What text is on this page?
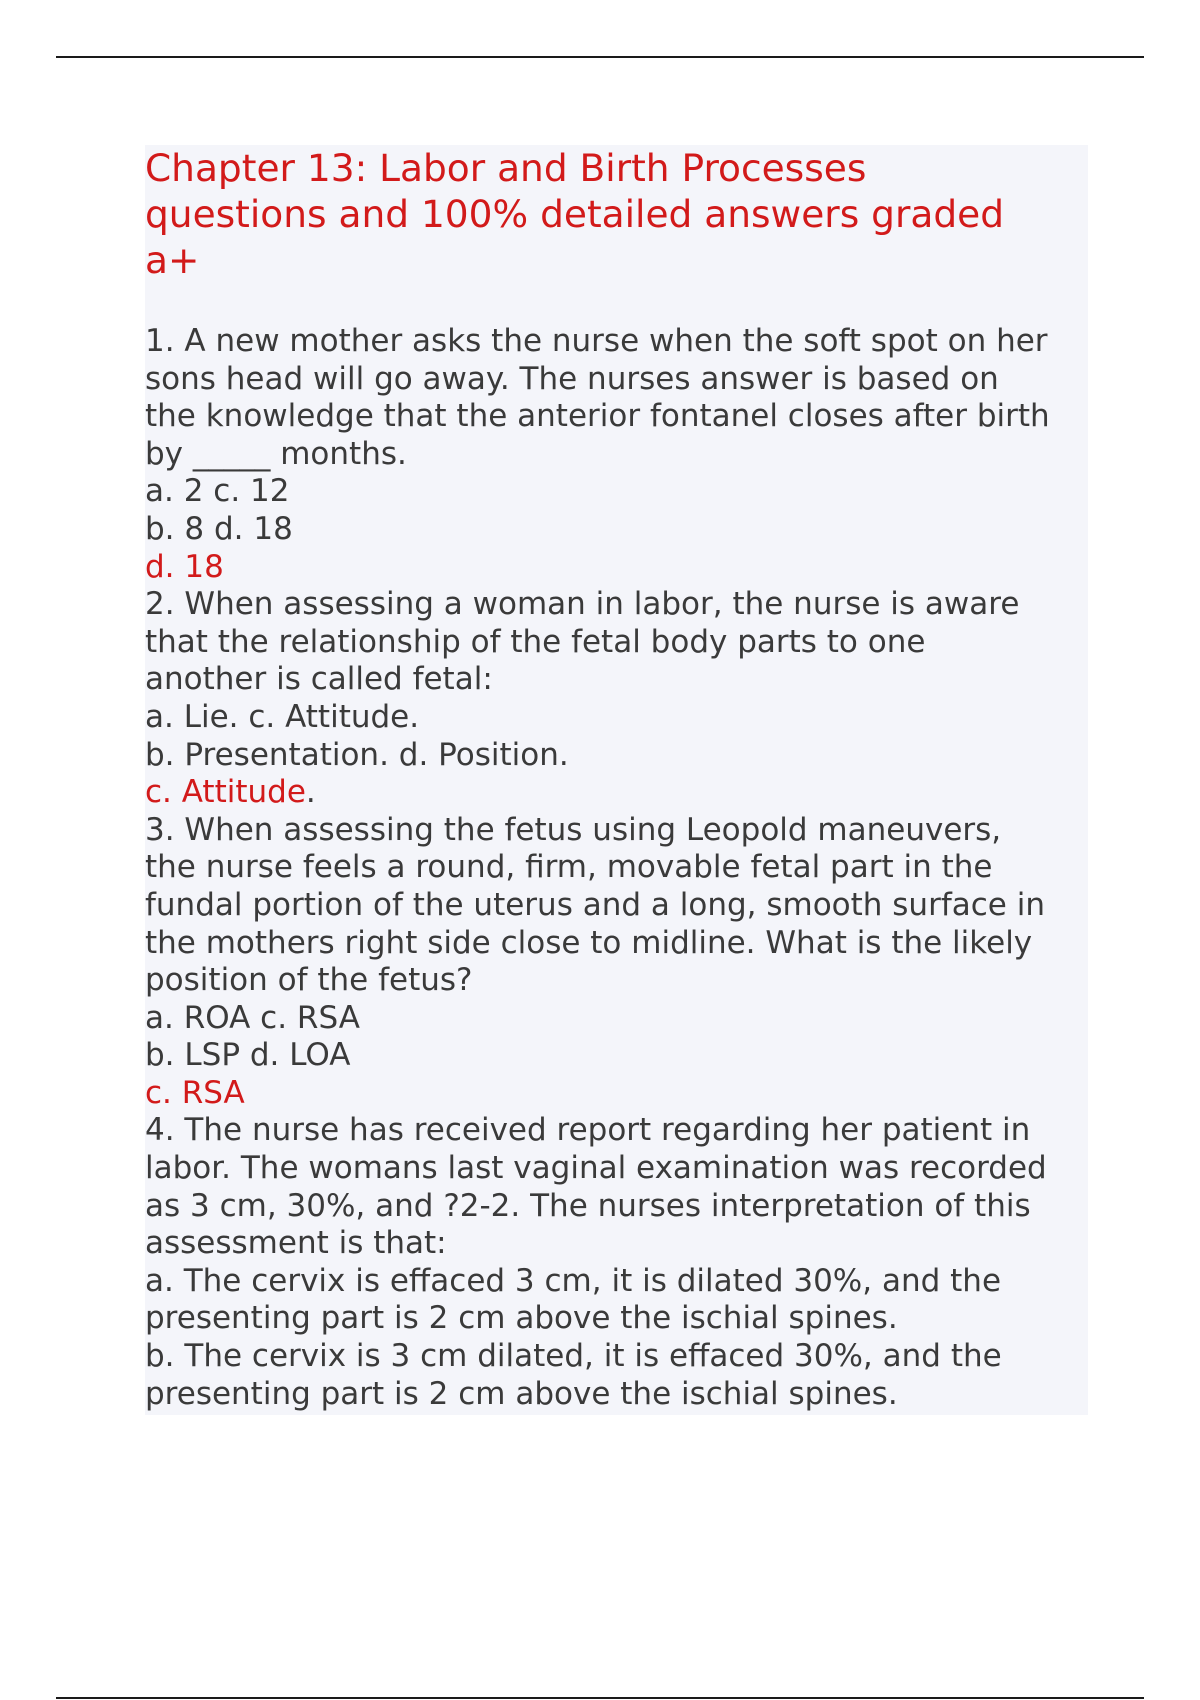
Chapter 13: Labor and Birth Processes
questions and 100% detailed answers graded
a+
1. A new mother asks the nurse when the soft spot on her
sons head will go away. The nurses answer is based on
the knowledge that the anterior fontanel closes after birth
by _____ months.
a. 2 c. 12
b. 8 d. 18
d. 18
2. When assessing a woman in labor, the nurse is aware
that the relationship of the fetal body parts to one
another is called fetal:
a. Lie. c. Attitude.
b. Presentation. d. Position.
c. Attitude.
3. When assessing the fetus using Leopold maneuvers,
the nurse feels a round, firm, movable fetal part in the
fundal portion of the uterus and a long, smooth surface in
the mothers right side close to midline. What is the likely
position of the fetus?
a. ROA c. RSA
b. LSP d. LOA
c. RSA
4. The nurse has received report regarding her patient in
labor. The womans last vaginal examination was recorded
as 3 cm, 30%, and ?2-2. The nurses interpretation of this
assessment is that:
a. The cervix is effaced 3 cm, it is dilated 30%, and the
presenting part is 2 cm above the ischial spines.
b. The cervix is 3 cm dilated, it is effaced 30%, and the
presenting part is 2 cm above the ischial spines.
